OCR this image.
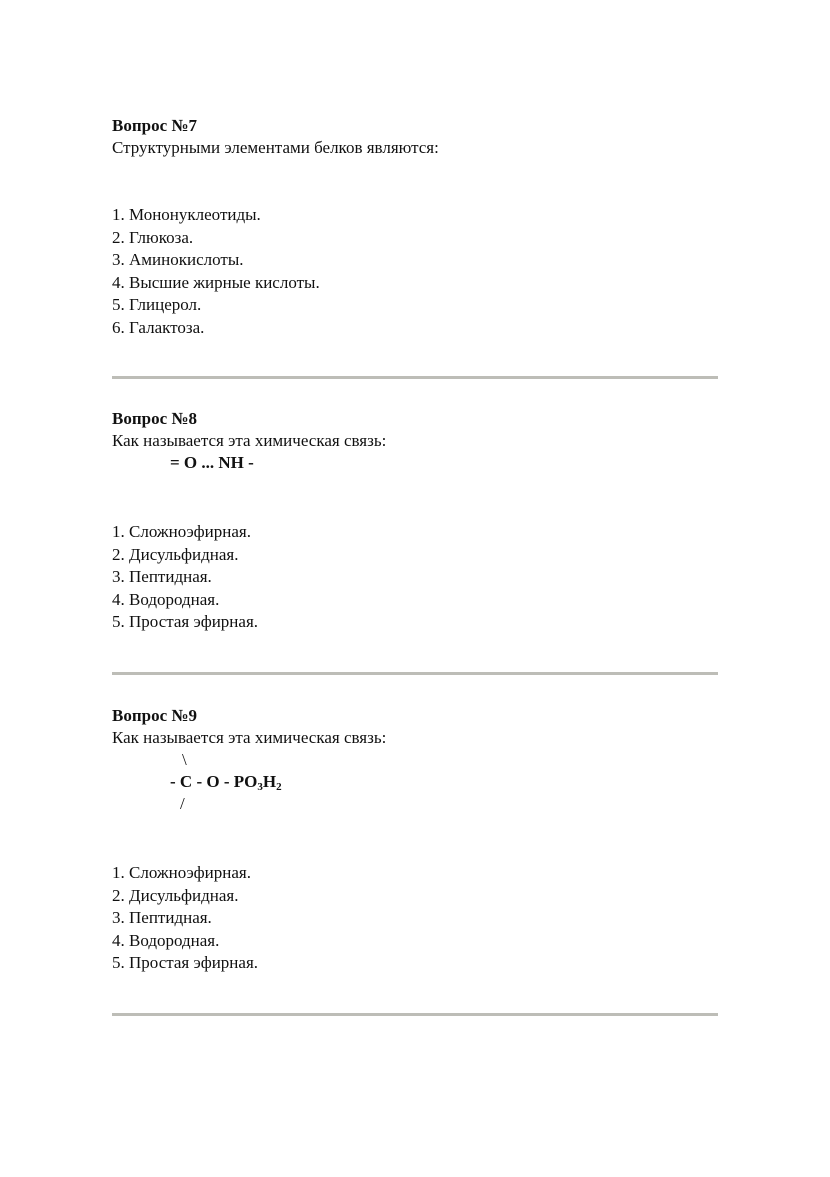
Вопрос №7

Структурными элементами белков являются:

1. Мононуклеотиды.
2. Глюкоза.
3. Аминокислоты.
4. Высшие жирные кислоты.
5. Глицерол.
6. Галактоза.

Вопрос №8

Как называется эта химическая связь:

= O ... NH -

1. Сложноэфирная.
2. Дисульфидная.
3. Пептидная.
4. Водородная.
5. Простая эфирная.

Вопрос №9

Как называется эта химическая связь:

\

- C - O - $PO_3H_2$

/

1. Сложноэфирная.
2. Дисульфидная.
3. Пептидная.
4. Водородная.
5. Простая эфирная.
